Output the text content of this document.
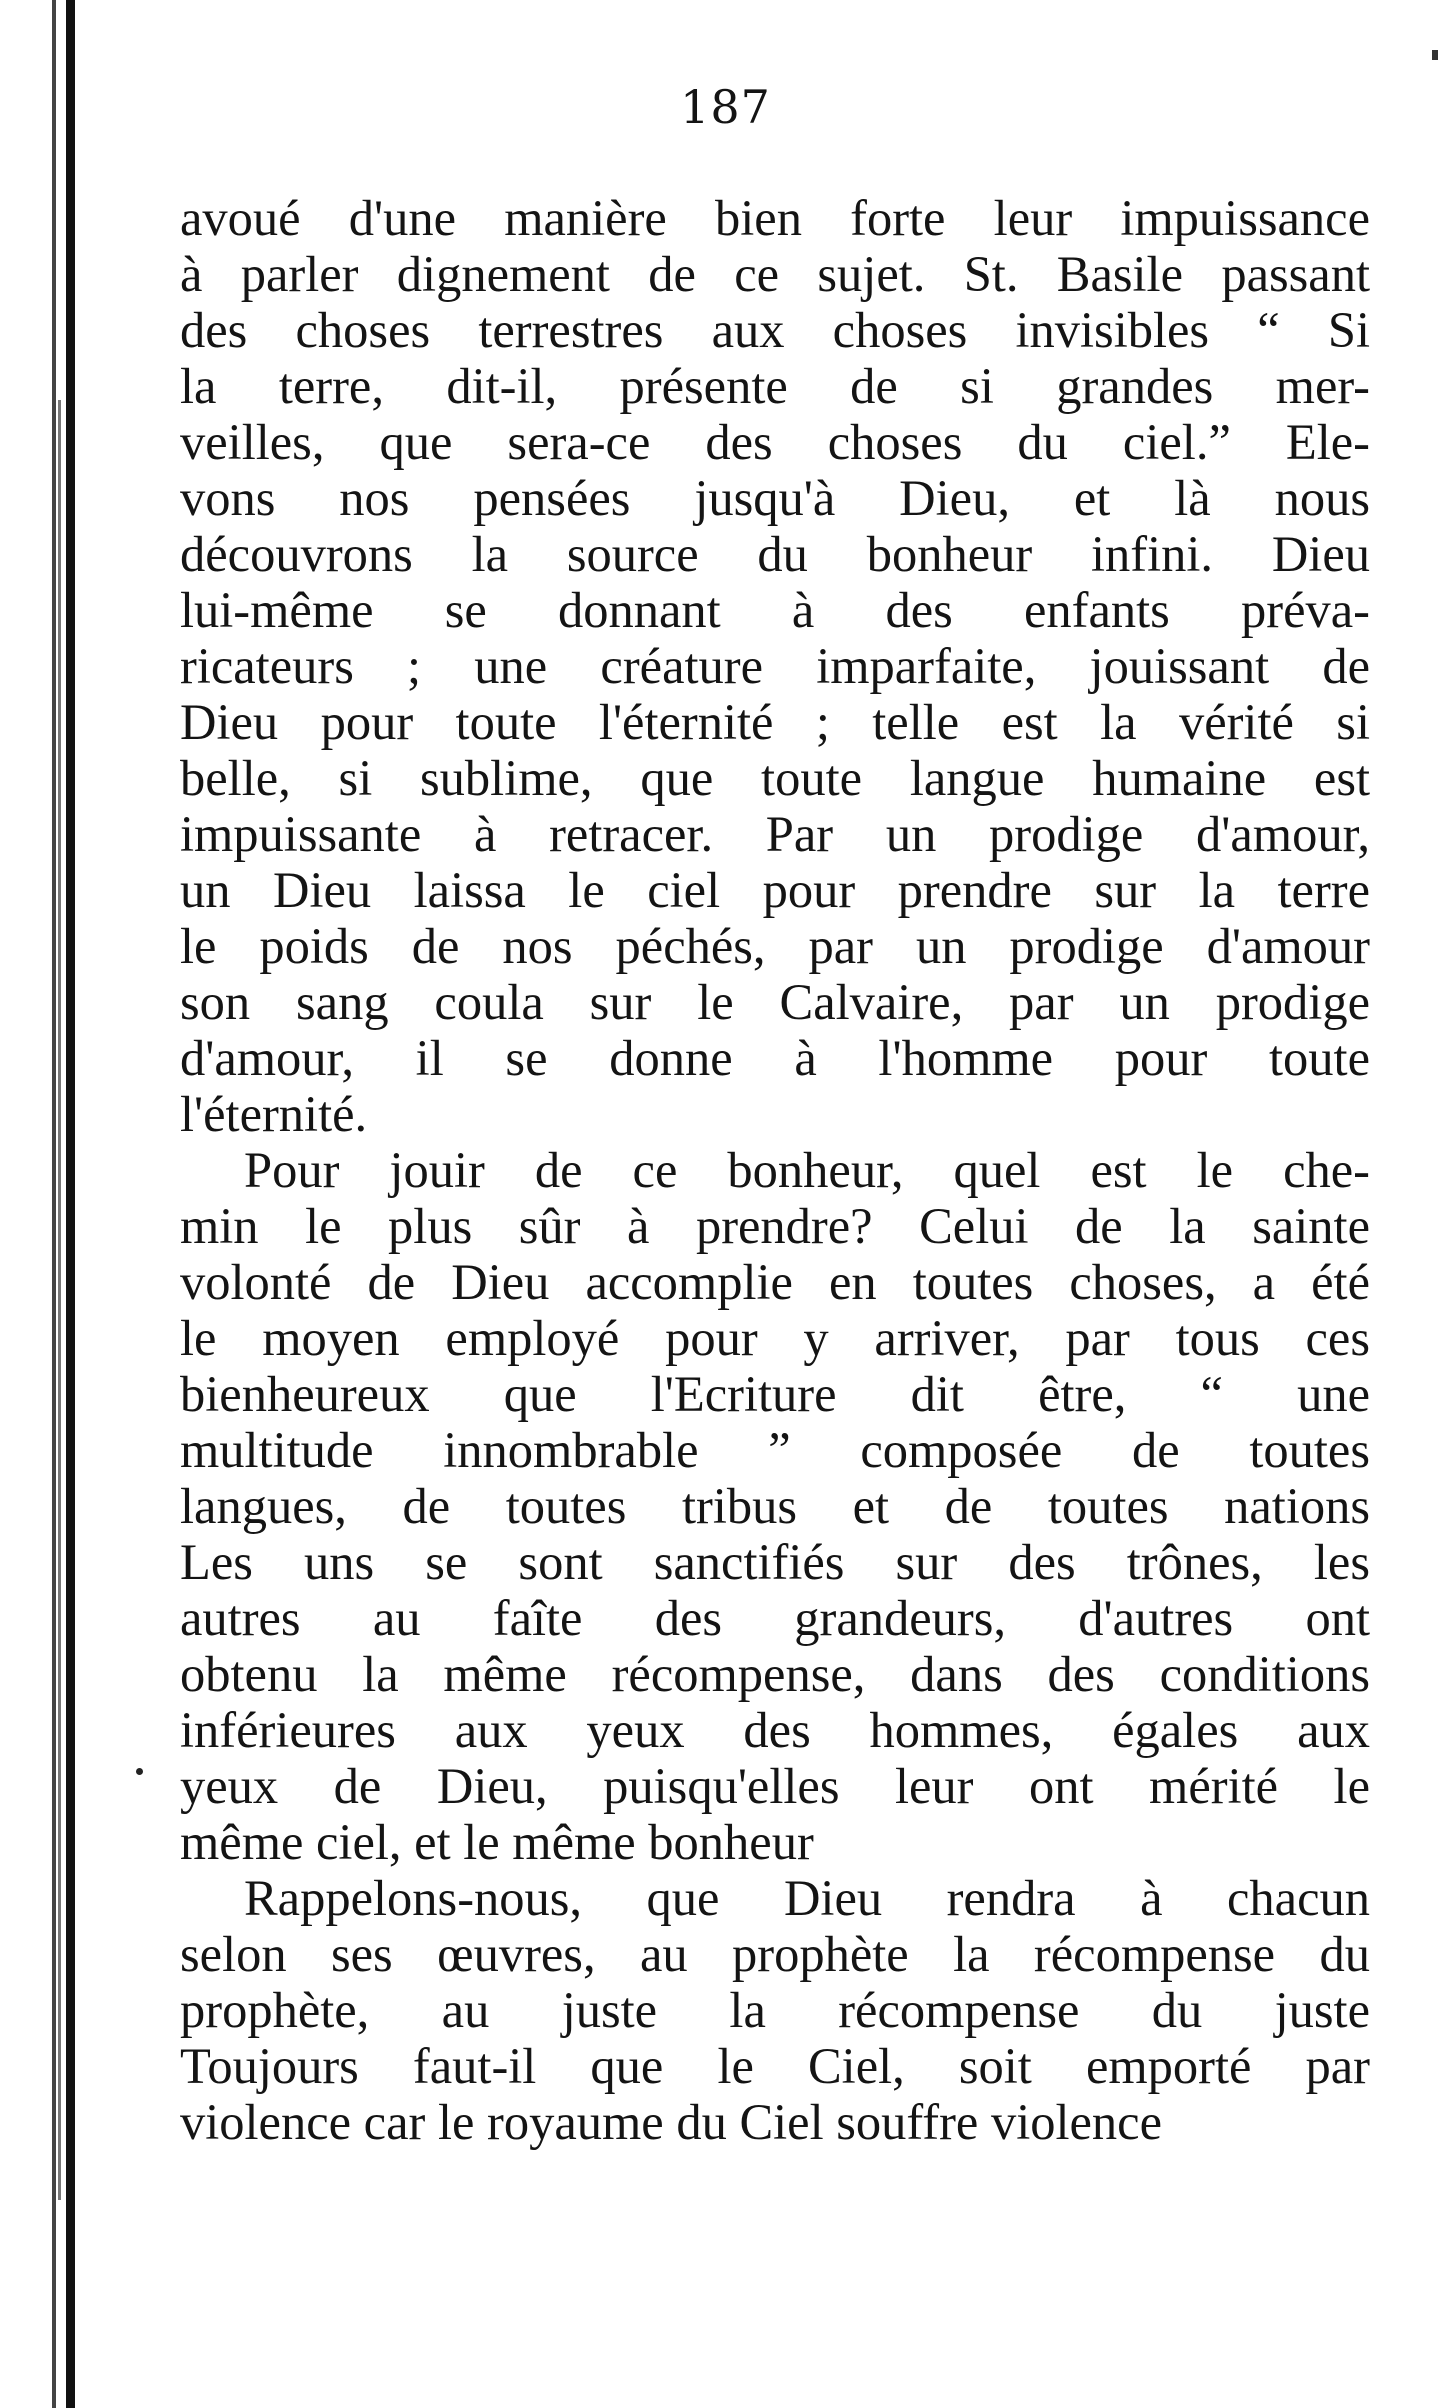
187
avoué d'une manière bien forte leur impuissance
à parler dignement de ce sujet. St. Basile passant
des choses terrestres aux choses invisibles “ Si
la terre, dit-il, présente de si grandes mer-
veilles, que sera-ce des choses du ciel.” Ele-
vons nos pensées jusqu'à Dieu, et là nous
découvrons la source du bonheur infini. Dieu
lui-même se donnant à des enfants préva-
ricateurs ; une créature imparfaite, jouissant de
Dieu pour toute l'éternité ; telle est la vérité si
belle, si sublime, que toute langue humaine est
impuissante à retracer. Par un prodige d'amour,
un Dieu laissa le ciel pour prendre sur la terre
le poids de nos péchés, par un prodige d'amour
son sang coula sur le Calvaire, par un prodige
d'amour, il se donne à l'homme pour toute
l'éternité.
Pour jouir de ce bonheur, quel est le che-
min le plus sûr à prendre? Celui de la sainte
volonté de Dieu accomplie en toutes choses, a été
le moyen employé pour y arriver, par tous ces
bienheureux que l'Ecriture dit être, “ une
multitude innombrable ” composée de toutes
langues, de toutes tribus et de toutes nations
Les uns se sont sanctifiés sur des trônes, les
autres au faîte des grandeurs, d'autres ont
obtenu la même récompense, dans des conditions
inférieures aux yeux des hommes, égales aux
yeux de Dieu, puisqu'elles leur ont mérité le
même ciel, et le même bonheur
Rappelons-nous, que Dieu rendra à chacun
selon ses œuvres, au prophète la récompense du
prophète, au juste la récompense du juste
Toujours faut-il que le Ciel, soit emporté par
violence car le royaume du Ciel souffre violence
